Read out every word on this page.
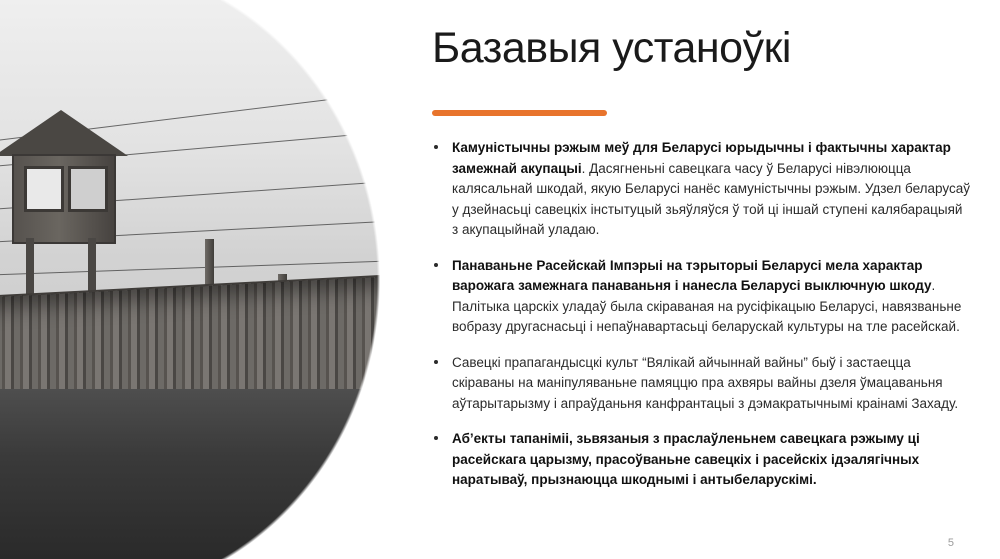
Базавыя устаноўкі
Камуністычны рэжым меў для Беларусі юрыдычны і фактычны характар замежнай акупацыі. Дасягненьні савецкага часу ў Беларусі нівэлююцца калясальнай шкодай, якую Беларусі нанёс камуністычны рэжым. Удзел беларусаў у дзейнасьці савецкіх інстытуцый зьяўляўся ў той ці іншай ступені калябарацыяй з акупацыйнай уладаю.
Панаваньне Расейскай Імпэрыі на тэрыторыі Беларусі мела характар варожага замежнага панаваньня і нанесла Беларусі выключную шкоду. Палітыка царскіх уладаў была скіраваная на русіфікацыю Беларусі, навязваньне вобразу другаснасьці і непаўнавартасьці беларускай культуры на тле расейскай.
Савецкі прапагандысцкі культ “Вялікай айчыннай вайны” быў і застаецца скіраваны на маніпуляваньне памяццю пра ахвяры вайны дзеля ўмацаваньня аўтарытарызму і апраўданьня канфрантацыі з дэмакратычнымі краінамі Захаду.
Аб’екты тапанімii, зьвязаныя з праслаўленьнем савецкага рэжыму ці расейскага царызму, прасоўваньне савецкіх і расейскіх ідэалягічных наратываў, прызнаюцца шкоднымі і антыбеларускімі.
5
